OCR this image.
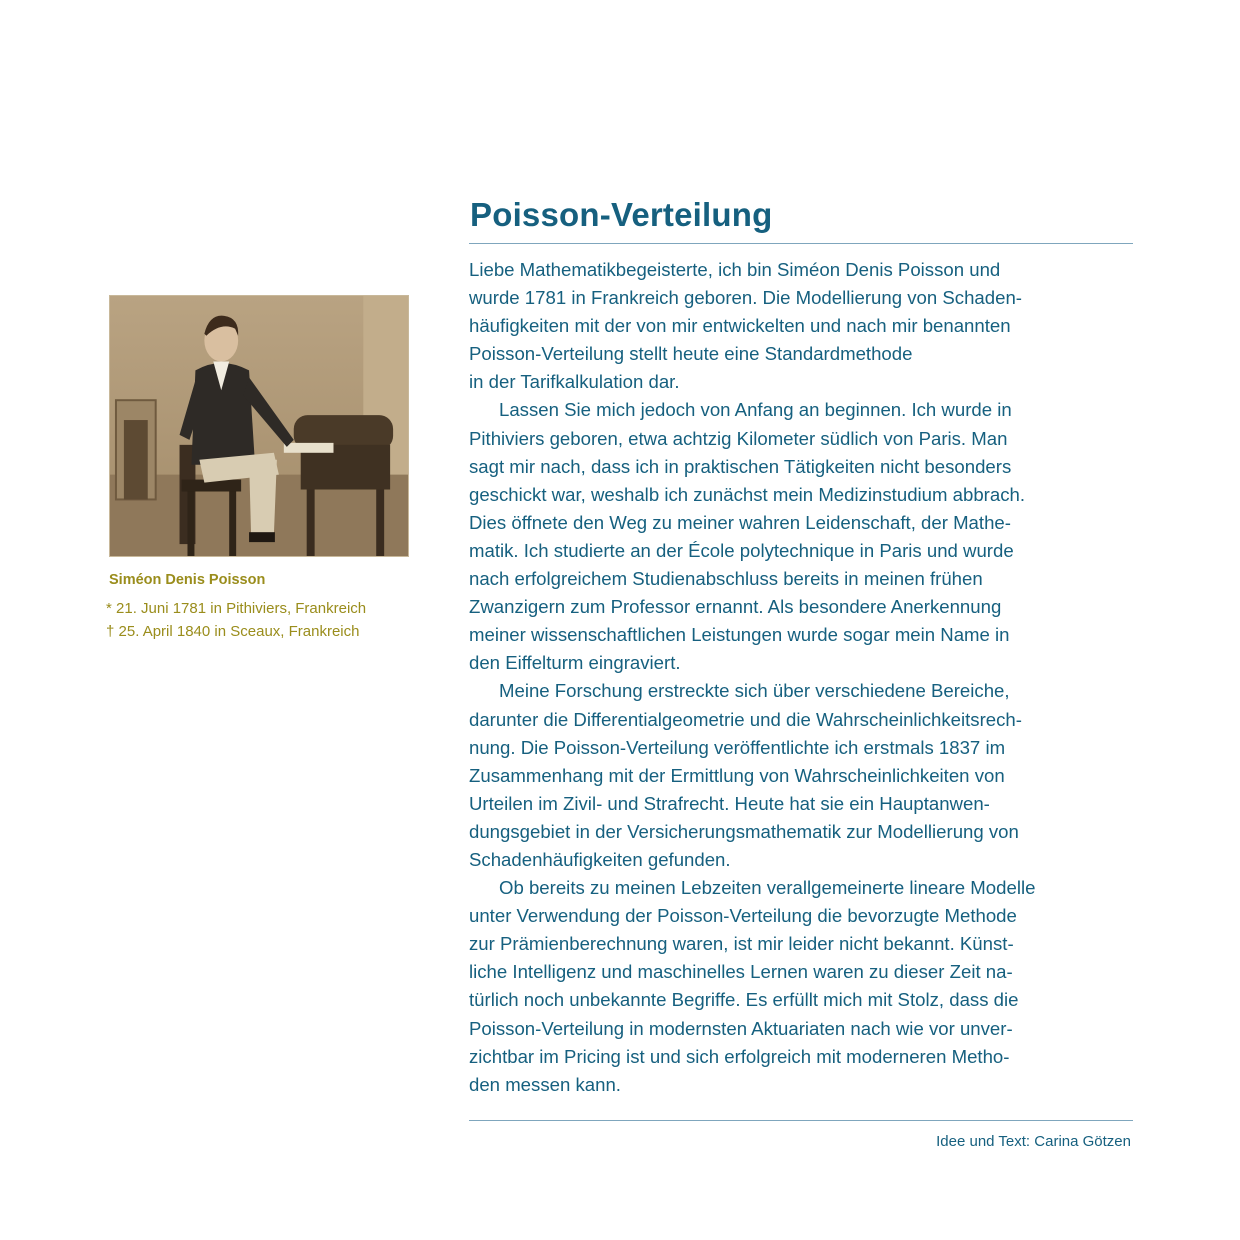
Siméon Denis Poisson
* 21. Juni 1781 in Pithiviers, Frankreich
† 25. April 1840 in Sceaux, Frankreich
Poisson-Verteilung
Liebe Mathematikbegeisterte, ich bin Siméon Denis Poisson und
wurde 1781 in Frankreich geboren. Die Modellierung von Schaden-
häufigkeiten mit der von mir entwickelten und nach mir benannten
Poisson-Verteilung stellt heute eine Standardmethode
in der Tarifkalkulation dar.
Lassen Sie mich jedoch von Anfang an beginnen. Ich wurde in
Pithiviers geboren, etwa achtzig Kilometer südlich von Paris. Man
sagt mir nach, dass ich in praktischen Tätigkeiten nicht besonders
geschickt war, weshalb ich zunächst mein Medizinstudium abbrach.
Dies öffnete den Weg zu meiner wahren Leidenschaft, der Mathe-
matik. Ich studierte an der École polytechnique in Paris und wurde
nach erfolgreichem Studienabschluss bereits in meinen frühen
Zwanzigern zum Professor ernannt. Als besondere Anerkennung
meiner wissenschaftlichen Leistungen wurde sogar mein Name in
den Eiffelturm eingraviert.
Meine Forschung erstreckte sich über verschiedene Bereiche,
darunter die Differentialgeometrie und die Wahrscheinlichkeitsrech-
nung. Die Poisson-Verteilung veröffentlichte ich erstmals 1837 im
Zusammenhang mit der Ermittlung von Wahrscheinlichkeiten von
Urteilen im Zivil- und Strafrecht. Heute hat sie ein Hauptanwen-
dungsgebiet in der Versicherungsmathematik zur Modellierung von
Schadenhäufigkeiten gefunden.
Ob bereits zu meinen Lebzeiten verallgemeinerte lineare Modelle
unter Verwendung der Poisson-Verteilung die bevorzugte Methode
zur Prämienberechnung waren, ist mir leider nicht bekannt. Künst-
liche Intelligenz und maschinelles Lernen waren zu dieser Zeit na-
türlich noch unbekannte Begriffe. Es erfüllt mich mit Stolz, dass die
Poisson-Verteilung in modernsten Aktuariaten nach wie vor unver-
zichtbar im Pricing ist und sich erfolgreich mit moderneren Metho-
den messen kann.
Idee und Text: Carina Götzen
